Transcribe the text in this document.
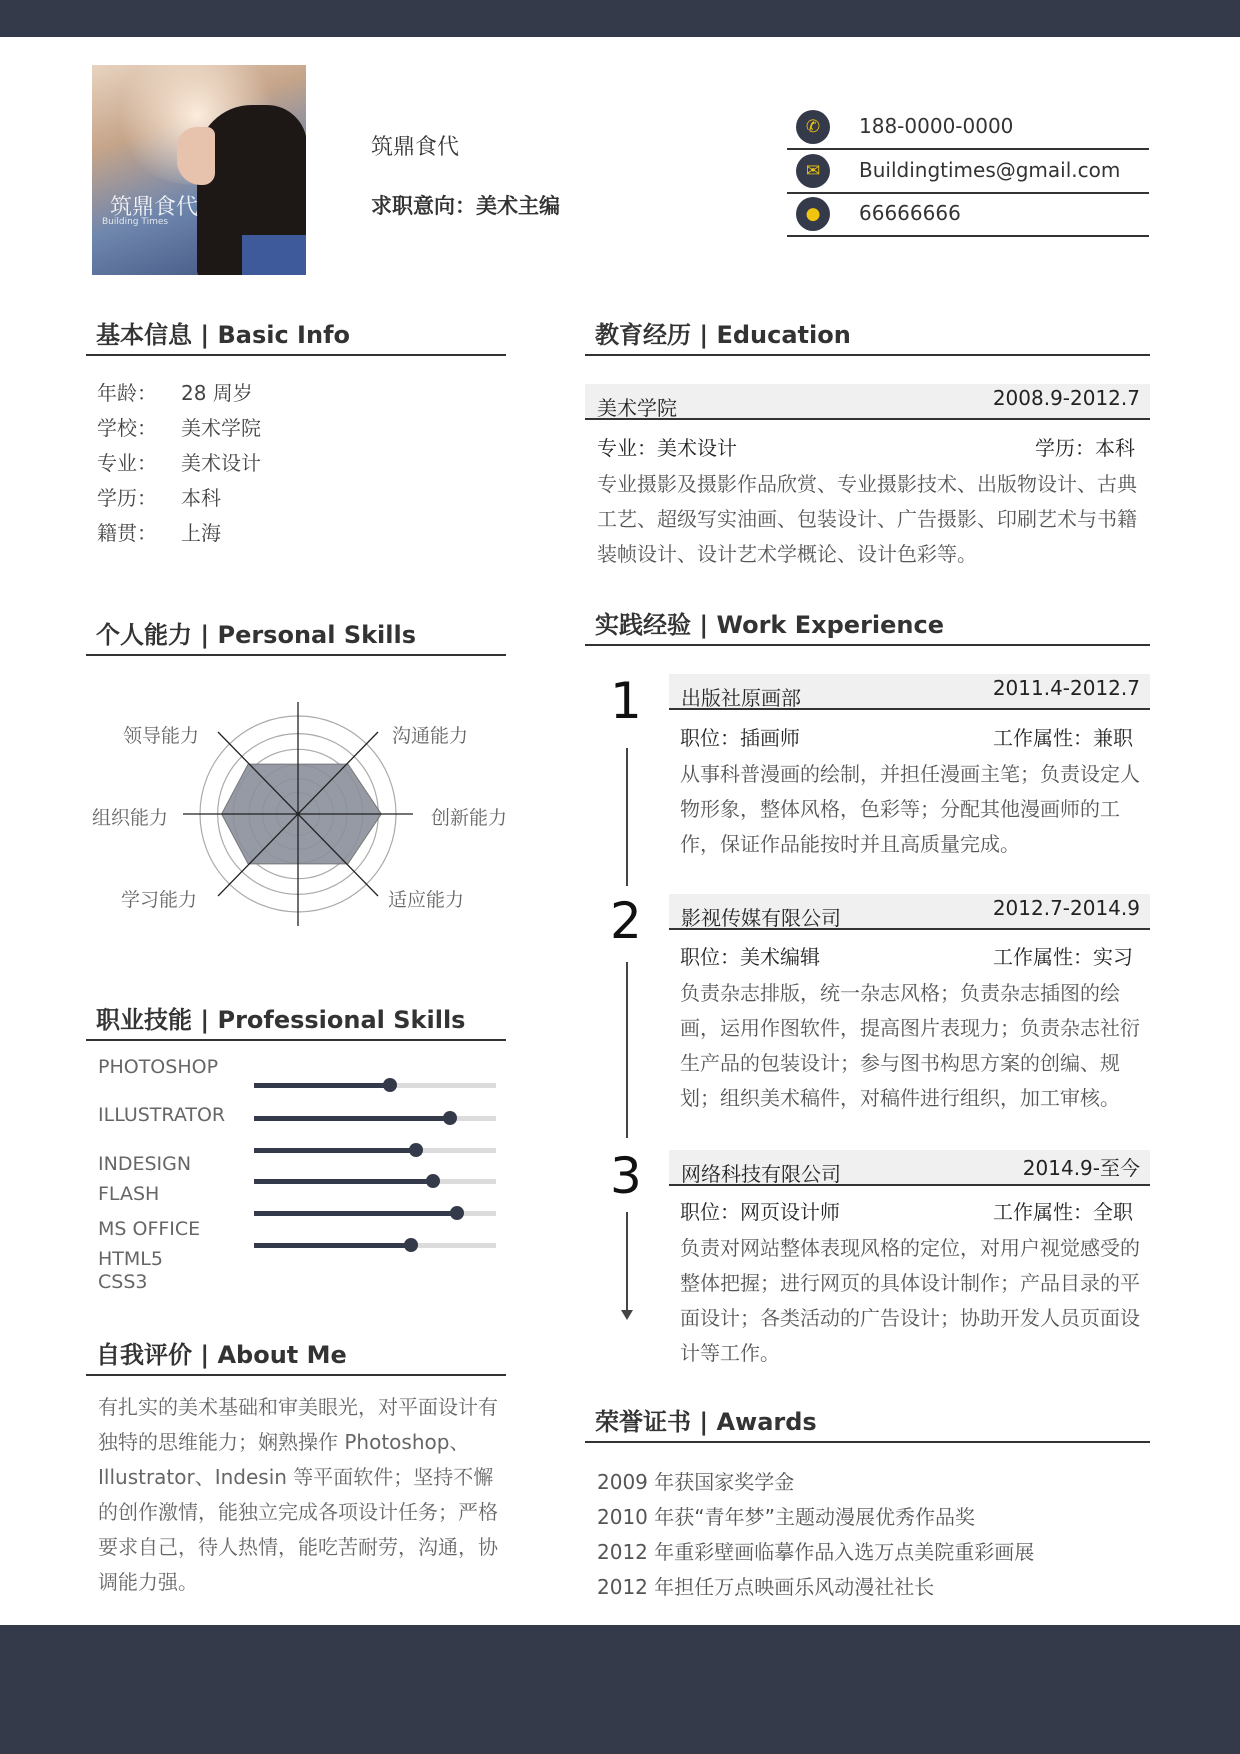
筑鼎食代
Building Times
筑鼎食代
求职意向：美术主编
✆	188-0000-0000
✉	Buildingtimes@gmail.com
●	66666666
基本信息 | Basic Info
年龄： 28 周岁
学校： 美术学院
专业： 美术设计
学历： 本科
籍贯： 上海
个人能力 | Personal Skills
领导能力	沟通能力
创新能力
适应能力
学习能力
组织能力
职业技能 | Professional Skills
PHOTOSHOP
ILLUSTRATOR
INDESIGN
FLASH
MS OFFICE
HTML5 CSS3
自我评价 | About Me
有扎实的美术基础和审美眼光，对平面设计有独特的思维能力；娴熟操作 Photoshop、Illustrator、Indesin 等平面软件；坚持不懈的创作激情，能独立完成各项设计任务；严格要求自己，待人热情，能吃苦耐劳，沟通，协调能力强。
教育经历 | Education
美术学院	2008.9-2012.7
专业：美术设计	学历：本科
专业摄影及摄影作品欣赏、专业摄影技术、出版物设计、古典工艺、超级写实油画、包装设计、广告摄影、印刷艺术与书籍装帧设计、设计艺术学概论、设计色彩等。
实践经验 | Work Experience
1 出版社原画部	2011.4-2012.7
职位：插画师	工作属性：兼职
从事科普漫画的绘制，并担任漫画主笔；负责设定人物形象，整体风格，色彩等；分配其他漫画师的工作，保证作品能按时并且高质量完成。
2 影视传媒有限公司	2012.7-2014.9
职位：美术编辑	工作属性：实习
负责杂志排版，统一杂志风格；负责杂志插图的绘画，运用作图软件，提高图片表现力；负责杂志社衍生产品的包装设计；参与图书构思方案的创编、规划；组织美术稿件，对稿件进行组织，加工审核。
3 网络科技有限公司	2014.9-至今
职位：网页设计师	工作属性：全职
负责对网站整体表现风格的定位，对用户视觉感受的整体把握；进行网页的具体设计制作；产品目录的平面设计；各类活动的广告设计；协助开发人员页面设计等工作。
荣誉证书 | Awards
2009 年获国家奖学金
2010 年获“青年梦”主题动漫展优秀作品奖
2012 年重彩壁画临摹作品入选万点美院重彩画展
2012 年担任万点映画乐风动漫社社长
